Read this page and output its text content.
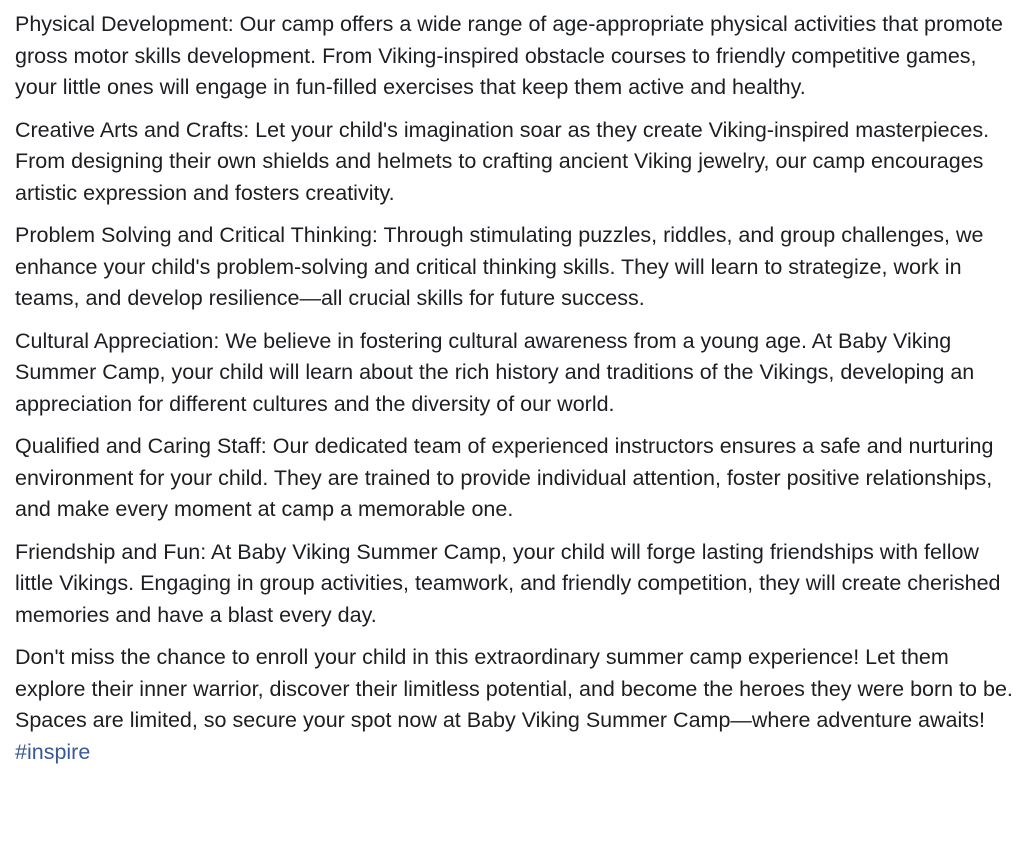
Physical Development: Our camp offers a wide range of age-appropriate physical activities that promote gross motor skills development. From Viking-inspired obstacle courses to friendly competitive games, your little ones will engage in fun-filled exercises that keep them active and healthy.

Creative Arts and Crafts: Let your child's imagination soar as they create Viking-inspired masterpieces. From designing their own shields and helmets to crafting ancient Viking jewelry, our camp encourages artistic expression and fosters creativity.

Problem Solving and Critical Thinking: Through stimulating puzzles, riddles, and group challenges, we enhance your child's problem-solving and critical thinking skills. They will learn to strategize, work in teams, and develop resilience—all crucial skills for future success.

Cultural Appreciation: We believe in fostering cultural awareness from a young age. At Baby Viking Summer Camp, your child will learn about the rich history and traditions of the Vikings, developing an appreciation for different cultures and the diversity of our world.

Qualified and Caring Staff: Our dedicated team of experienced instructors ensures a safe and nurturing environment for your child. They are trained to provide individual attention, foster positive relationships, and make every moment at camp a memorable one.

Friendship and Fun: At Baby Viking Summer Camp, your child will forge lasting friendships with fellow little Vikings. Engaging in group activities, teamwork, and friendly competition, they will create cherished memories and have a blast every day.

Don't miss the chance to enroll your child in this extraordinary summer camp experience! Let them explore their inner warrior, discover their limitless potential, and become the heroes they were born to be. Spaces are limited, so secure your spot now at Baby Viking Summer Camp—where adventure awaits!

#inspire
